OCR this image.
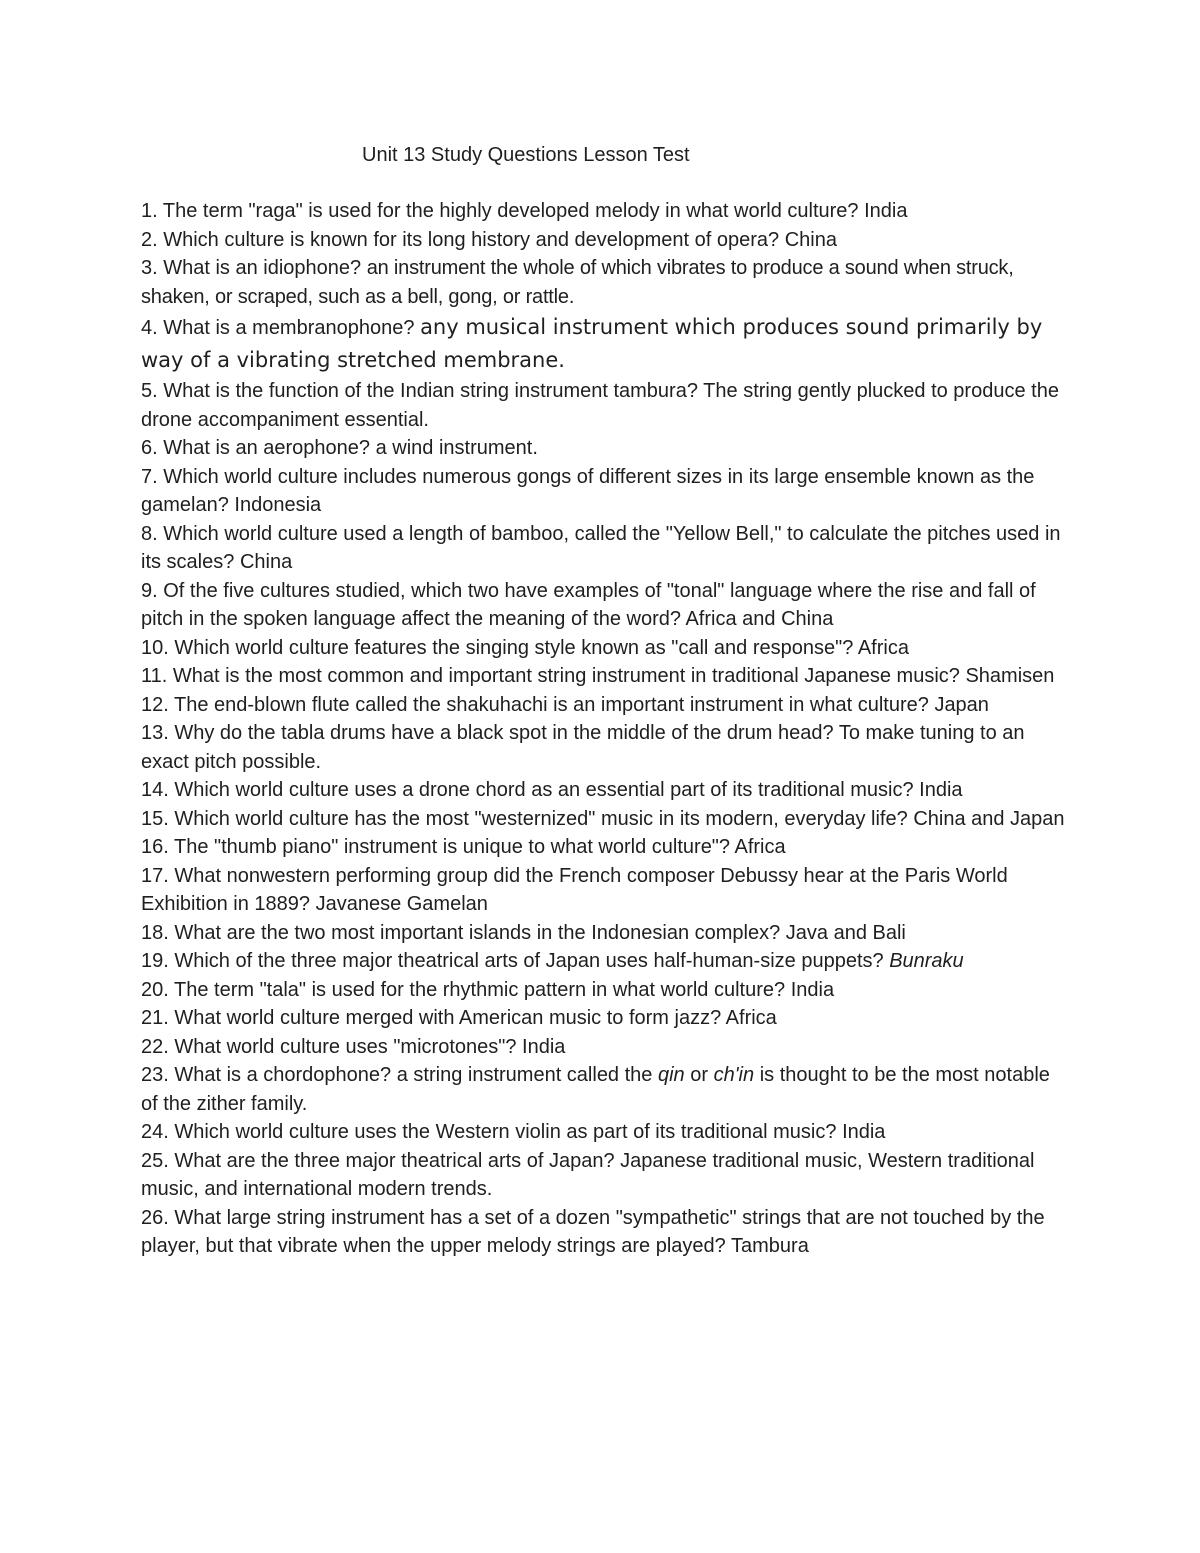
Unit 13 Study Questions Lesson Test

1. The term "raga" is used for the highly developed melody in what world culture? India

2. Which culture is known for its long history and development of opera? China

3. What is an idiophone? an instrument the whole of which vibrates to produce a sound when struck, shaken, or scraped, such as a bell, gong, or rattle.

4. What is a membranophone? any musical instrument which produces sound primarily by way of a vibrating stretched membrane.

5. What is the function of the Indian string instrument tambura? The string gently plucked to produce the drone accompaniment essential.

6. What is an aerophone? a wind instrument.

7. Which world culture includes numerous gongs of different sizes in its large ensemble known as the gamelan? Indonesia

8. Which world culture used a length of bamboo, called the "Yellow Bell," to calculate the pitches used in its scales? China

9. Of the five cultures studied, which two have examples of "tonal" language where the rise and fall of pitch in the spoken language affect the meaning of the word? Africa and China

10. Which world culture features the singing style known as "call and response"? Africa

11. What is the most common and important string instrument in traditional Japanese music? Shamisen

12. The end-blown flute called the shakuhachi is an important instrument in what culture? Japan

13. Why do the tabla drums have a black spot in the middle of the drum head? To make tuning to an exact pitch possible.

14. Which world culture uses a drone chord as an essential part of its traditional music? India

15. Which world culture has the most "westernized" music in its modern, everyday life? China and Japan

16. The "thumb piano" instrument is unique to what world culture"? Africa

17. What nonwestern performing group did the French composer Debussy hear at the Paris World Exhibition in 1889? Javanese Gamelan

18. What are the two most important islands in the Indonesian complex? Java and Bali

19. Which of the three major theatrical arts of Japan uses half-human-size puppets? Bunraku

20. The term "tala" is used for the rhythmic pattern in what world culture? India

21. What world culture merged with American music to form jazz? Africa

22. What world culture uses "microtones"? India

23. What is a chordophone? a string instrument called the qin or ch'in is thought to be the most notable of the zither family.

24. Which world culture uses the Western violin as part of its traditional music? India

25. What are the three major theatrical arts of Japan? Japanese traditional music, Western traditional music, and international modern trends.

26. What large string instrument has a set of a dozen "sympathetic" strings that are not touched by the player, but that vibrate when the upper melody strings are played? Tambura
